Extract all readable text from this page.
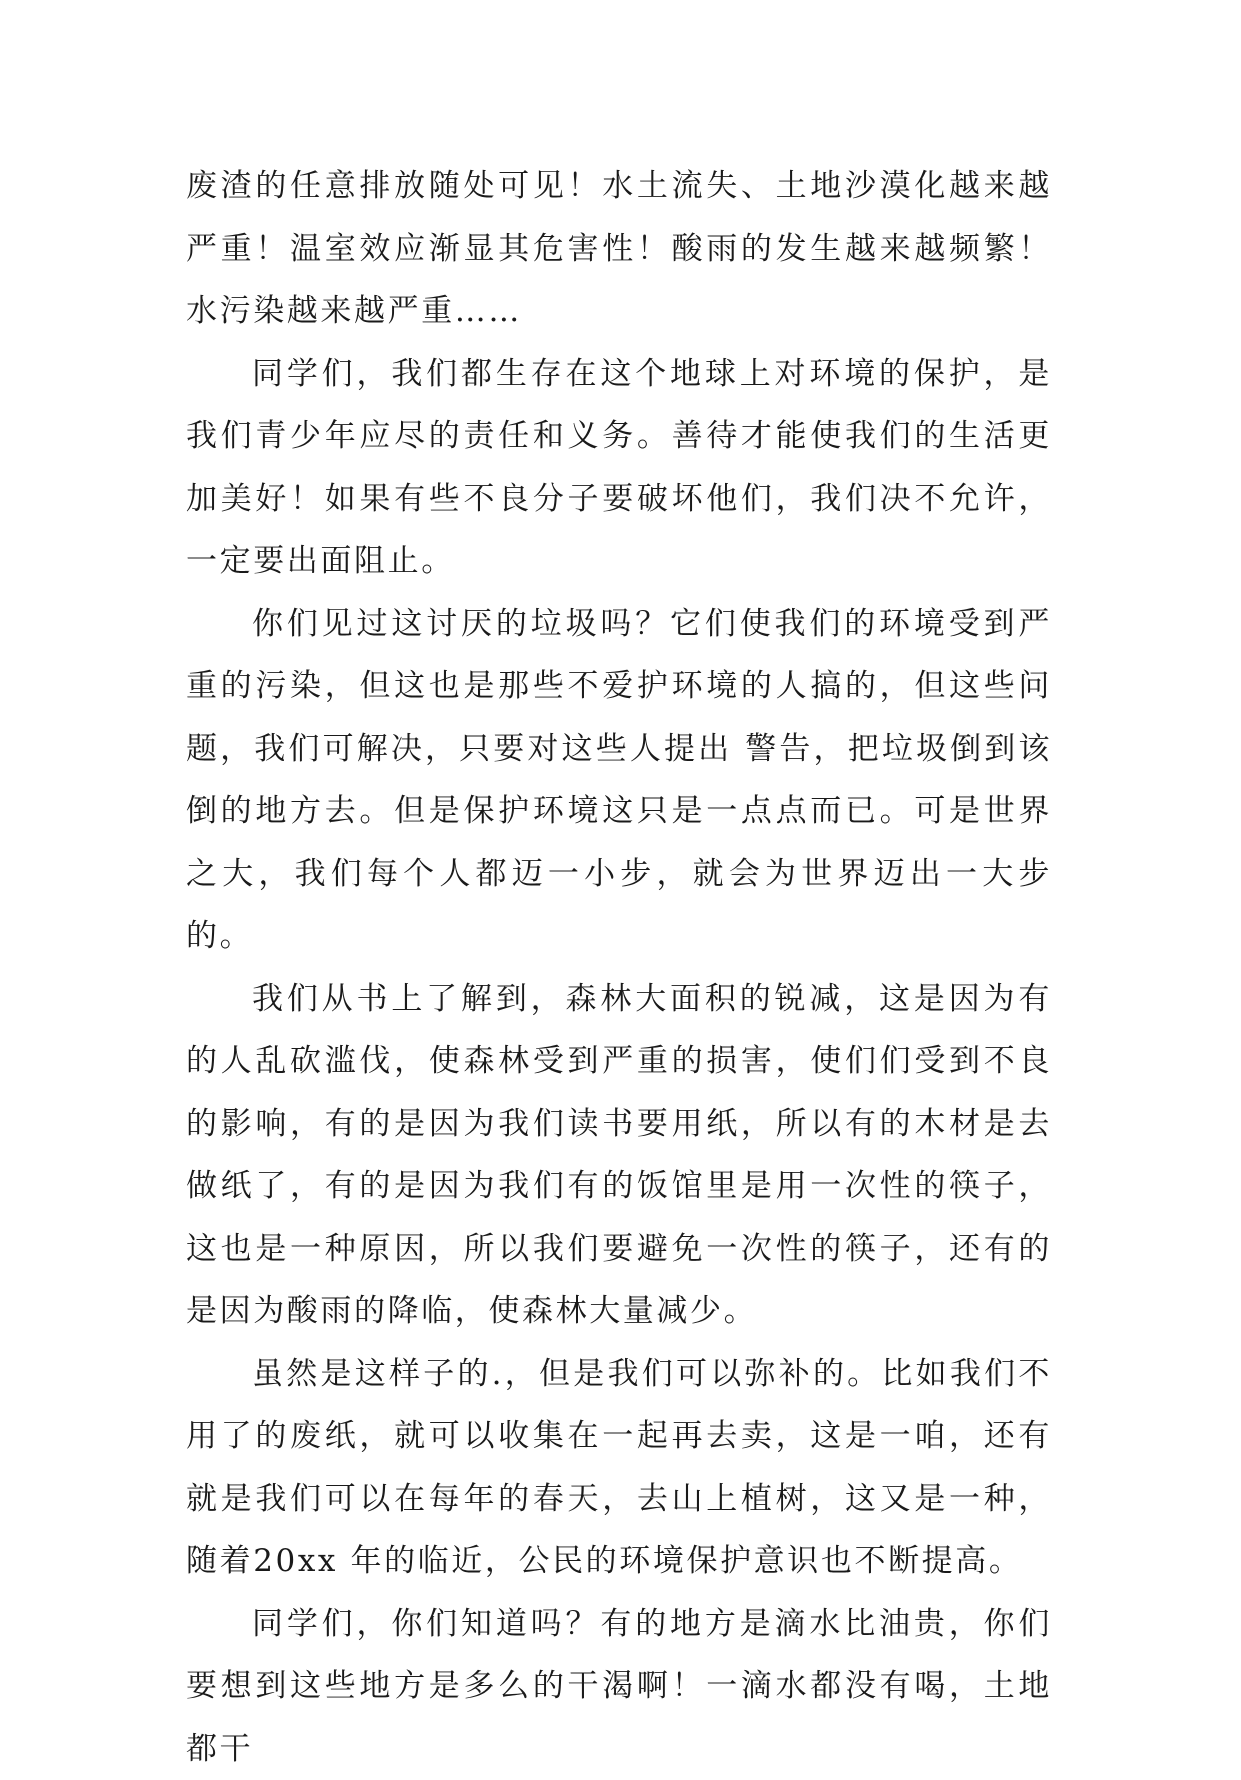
废渣的任意排放随处可见！水土流失、土地沙漠化越来越严重！温室效应渐显其危害性！酸雨的发生越来越频繁！水污染越来越严重……

同学们，我们都生存在这个地球上对环境的保护，是我们青少年应尽的责任和义务。善待才能使我们的生活更加美好！如果有些不良分子要破坏他们，我们决不允许，一定要出面阻止。

你们见过这讨厌的垃圾吗？它们使我们的环境受到严重的污染，但这也是那些不爱护环境的人搞的，但这些问题，我们可解决，只要对这些人提出 警告，把垃圾倒到该倒的地方去。但是保护环境这只是一点点而已。可是世界之大，我们每个人都迈一小步，就会为世界迈出一大步的。

我们从书上了解到，森林大面积的锐减，这是因为有的人乱砍滥伐，使森林受到严重的损害，使们们受到不良的影响，有的是因为我们读书要用纸，所以有的木材是去做纸了，有的是因为我们有的饭馆里是用一次性的筷子，这也是一种原因，所以我们要避免一次性的筷子，还有的是因为酸雨的降临，使森林大量减少。

虽然是这样子的.，但是我们可以弥补的。比如我们不用了的废纸，就可以收集在一起再去卖，这是一咱，还有就是我们可以在每年的春天，去山上植树，这又是一种，随着20xx 年的临近，公民的环境保护意识也不断提高。

同学们，你们知道吗？有的地方是滴水比油贵，你们要想到这些地方是多么的干渴啊！一滴水都没有喝，土地都干
